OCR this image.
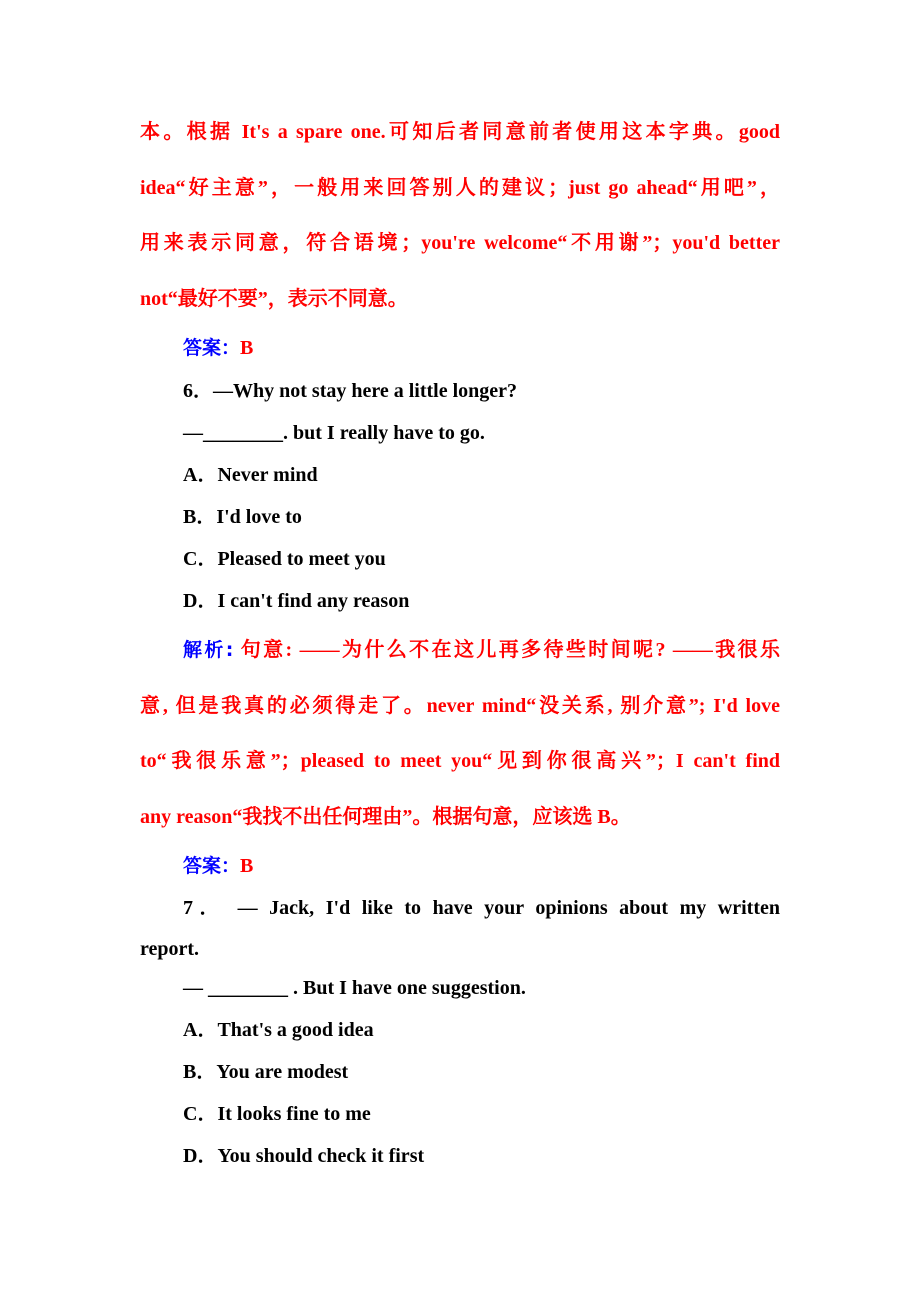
本。根据 It's a spare one.可知后者同意前者使用这本字典。good
idea“好主意”，一般用来回答别人的建议；just go ahead“用吧”，
用来表示同意，符合语境；you're welcome“不用谢”；you'd better
not“最好不要”，表示不同意。
答案：B
6．—Why not stay here a little longer?
—________. but I really have to go.
A．Never mind
B．I'd love to
C．Pleased to meet you
D．I can't find any reason
解析: 句意: ——为什么不在这儿再多待些时间呢? ——我很乐
意, 但是我真的必须得走了。never mind“没关系, 别介意”; I'd love
to“我很乐意”；pleased to meet you“见到你很高兴”；I can't find
any reason“我找不出任何理由”。根据句意，应该选 B。
答案：B
7． — Jack, I'd like to have your opinions about my written
report.
— ________ . But I have one suggestion.
A．That's a good idea
B．You are modest
C．It looks fine to me
D．You should check it first
